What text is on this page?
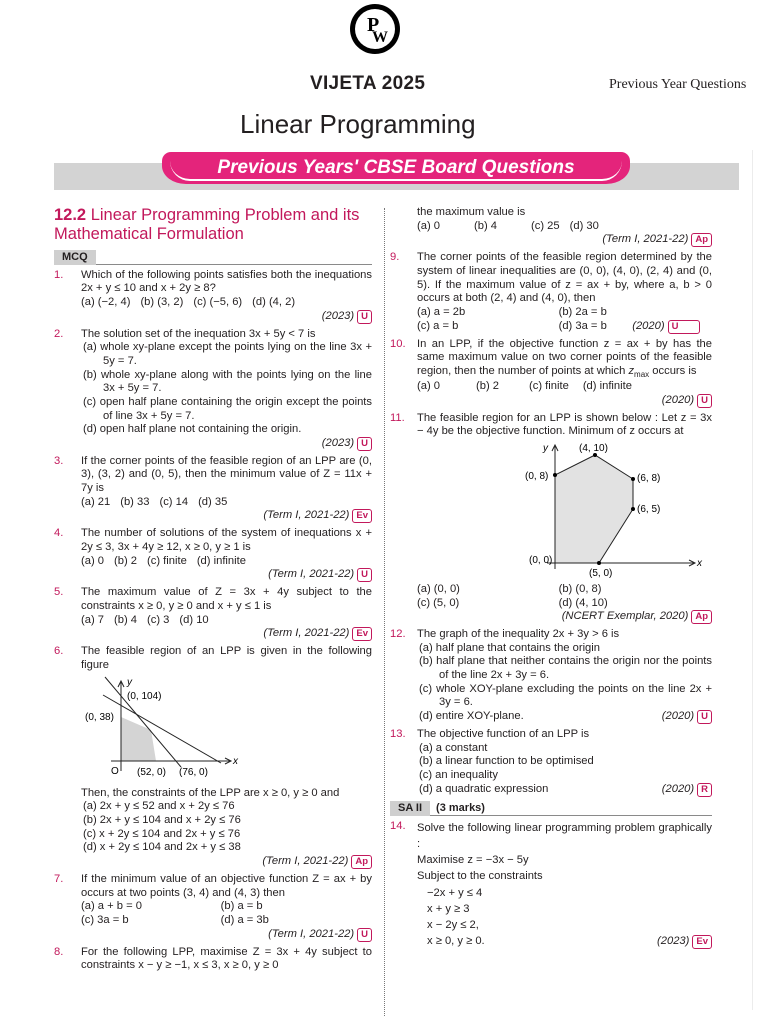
P
W
VIJETA 2025	Previous Year Questions
Linear Programming
Previous Years' CBSE Board Questions
12.2 Linear Programming Problem and its Mathematical Formulation
MCQ
1.	Which of the following points satisfies both the inequations 2x + y ≤ 10 and x + 2y ≥ 8?
(a) (−2, 4) (b) (3, 2) (c) (−5, 6) (d) (4, 2)
(2023) U
2.	The solution set of the inequation 3x + 5y < 7 is
(a) whole xy-plane except the points lying on the line 3x + 5y = 7.
(b) whole xy-plane along with the points lying on the line 3x + 5y = 7.
(c) open half plane containing the origin except the points of line 3x + 5y = 7.
(d) open half plane not containing the origin.
(2023) U
3.	If the corner points of the feasible region of an LPP are (0, 3), (3, 2) and (0, 5), then the minimum value of Z = 11x + 7y is
(a) 21 (b) 33 (c) 14 (d) 35
(Term I, 2021-22) Ev
4.	The number of solutions of the system of inequations x + 2y ≤ 3, 3x + 4y ≥ 12, x ≥ 0, y ≥ 1 is
(a) 0 (b) 2 (c) finite (d) infinite
(Term I, 2021-22) U
5.	The maximum value of Z = 3x + 4y subject to the constraints x ≥ 0, y ≥ 0 and x + y ≤ 1 is
(a) 7 (b) 4 (c) 3 (d) 10
(Term I, 2021-22) Ev
6.	The feasible region of an LPP is given in the following figure
y
x
O
(0, 104)
(0, 38)
(52, 0) (76, 0)
Then, the constraints of the LPP are x ≥ 0, y ≥ 0 and
(a) 2x + y ≤ 52 and x + 2y ≤ 76
(b) 2x + y ≤ 104 and x + 2y ≤ 76
(c) x + 2y ≤ 104 and 2x + y ≤ 76
(d) x + 2y ≤ 104 and 2x + y ≤ 38
(Term I, 2021-22) Ap
7.	If the minimum value of an objective function Z = ax + by occurs at two points (3, 4) and (4, 3) then
(a) a + b = 0	(b) a = b
(c) 3a = b	(d) a = 3b
(Term I, 2021-22) U
8.	For the following LPP, maximise Z = 3x + 4y subject to constraints x − y ≥ −1, x ≤ 3, x ≥ 0, y ≥ 0
the maximum value is
(a) 0	(b) 4	(c) 25 (d) 30
(Term I, 2021-22) Ap
9.	The corner points of the feasible region determined by the system of linear inequalities are (0, 0), (4, 0), (2, 4) and (0, 5). If the maximum value of z = ax + by, where a, b > 0 occurs at both (2, 4) and (4, 0), then
(a) a = 2b	(b) 2a = b
(c) a = b	(d) 3a = b (2020) U
10.	In an LPP, if the objective function z = ax + by has the same maximum value on two corner points of the feasible region, then the number of points at which $z_{max}$ occurs is
(a) 0	(b) 2	(c) finite (d) infinite
(2020) U
11.	The feasible region for an LPP is shown below : Let z = 3x − 4y be the objective function. Minimum of z occurs at
y
x
(4, 10)
(0, 8)	(6, 8)
(6, 5)
(0, 0)
(5, 0)
(a) (0, 0)	(b) (0, 8)
(c) (5, 0)	(d) (4, 10)
(NCERT Exemplar, 2020) Ap
12.	The graph of the inequality 2x + 3y > 6 is
(a) half plane that contains the origin
(b) half plane that neither contains the origin nor the points of the line 2x + 3y = 6.
(c) whole XOY-plane excluding the points on the line 2x + 3y = 6.
(d) entire XOY-plane.	(2020) U
13.	The objective function of an LPP is
(a) a constant
(b) a linear function to be optimised
(c) an inequality
(d) a quadratic expression	(2020) R
SA II (3 marks)
14.	Solve the following linear programming problem graphically :
Maximise z = −3x − 5y
Subject to the constraints
−2x + y ≤ 4
x + y ≥ 3
x − 2y ≤ 2,
x ≥ 0, y ≥ 0.	(2023) Ev
